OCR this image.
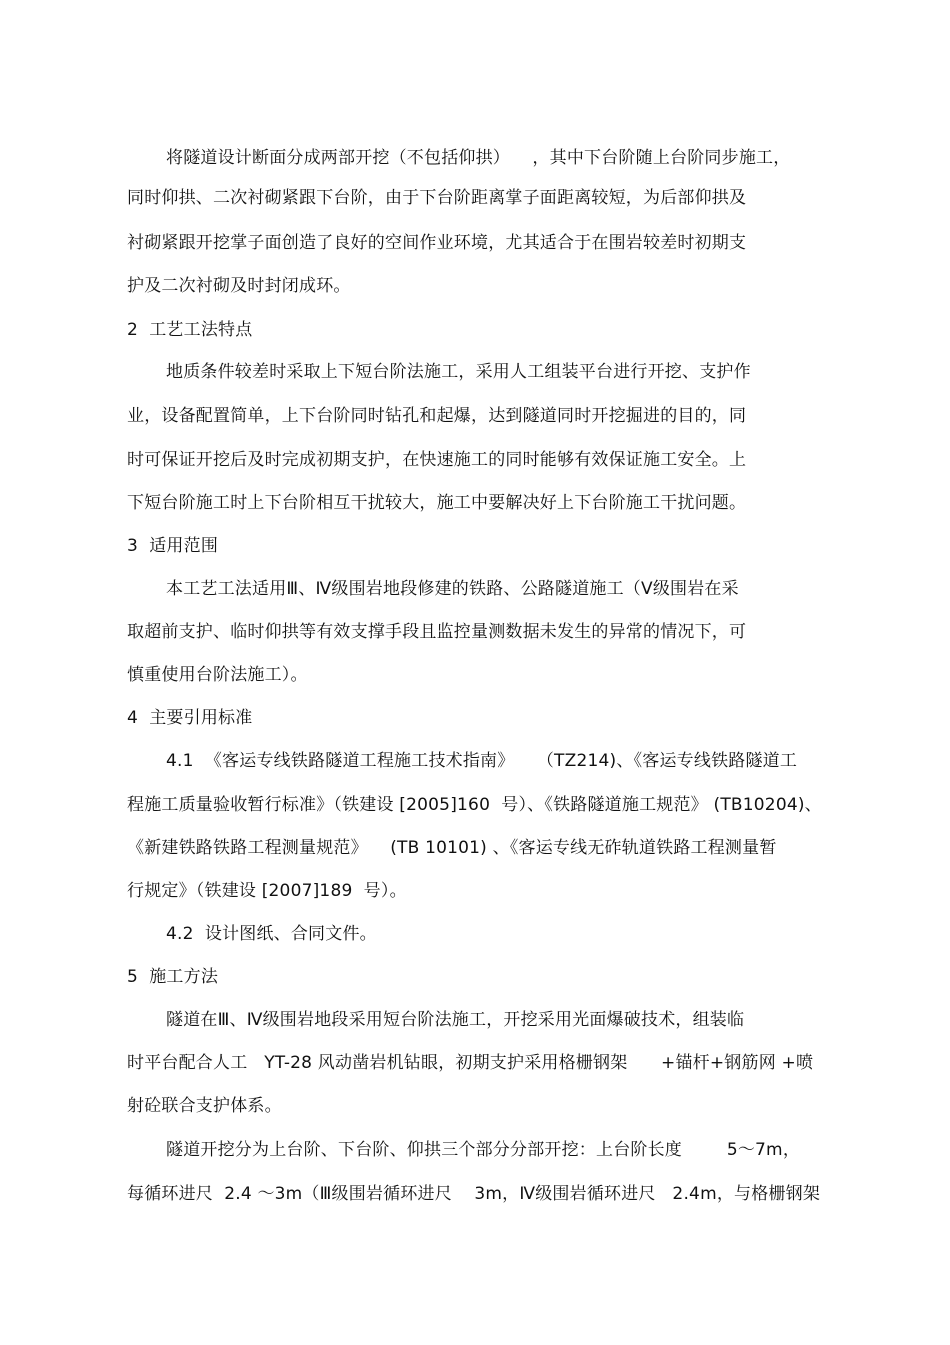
将隧道设计断面分成两部开挖（不包括仰拱）    ，其中下台阶随上台阶同步施工，
同时仰拱、二次衬砌紧跟下台阶，由于下台阶距离掌子面距离较短，为后部仰拱及
衬砌紧跟开挖掌子面创造了良好的空间作业环境，尤其适合于在围岩较差时初期支
护及二次衬砌及时封闭成环。
2  工艺工法特点
地质条件较差时采取上下短台阶法施工，采用人工组装平台进行开挖、支护作
业，设备配置简单，上下台阶同时钻孔和起爆，达到隧道同时开挖掘进的目的，同
时可保证开挖后及时完成初期支护，在快速施工的同时能够有效保证施工安全。上
下短台阶施工时上下台阶相互干扰较大，施工中要解决好上下台阶施工干扰问题。
3  适用范围
本工艺工法适用Ⅲ、Ⅳ级围岩地段修建的铁路、公路隧道施工（Ⅴ级围岩在采
取超前支护、临时仰拱等有效支撑手段且监控量测数据未发生的异常的情况下，可
慎重使用台阶法施工）。
4  主要引用标准
4.1  《客运专线铁路隧道工程施工技术指南》    （TZ214)、《客运专线铁路隧道工
程施工质量验收暂行标准》（铁建设 [2005]160  号）、《铁路隧道施工规范》 (TB10204)、
《新建铁路铁路工程测量规范》    (TB 10101) 、《客运专线无砟轨道铁路工程测量暂
行规定》（铁建设 [2007]189  号）。
4.2  设计图纸、合同文件。
5  施工方法
隧道在Ⅲ、Ⅳ级围岩地段采用短台阶法施工，开挖采用光面爆破技术，组装临
时平台配合人工   YT-28 风动凿岩机钻眼，初期支护采用格栅钢架      +锚杆+钢筋网 +喷
射砼联合支护体系。
隧道开挖分为上台阶、下台阶、仰拱三个部分分部开挖：上台阶长度        5～7m，
每循环进尺  2.4 ～3m（Ⅲ级围岩循环进尺    3m，Ⅳ级围岩循环进尺   2.4m，与格栅钢架
